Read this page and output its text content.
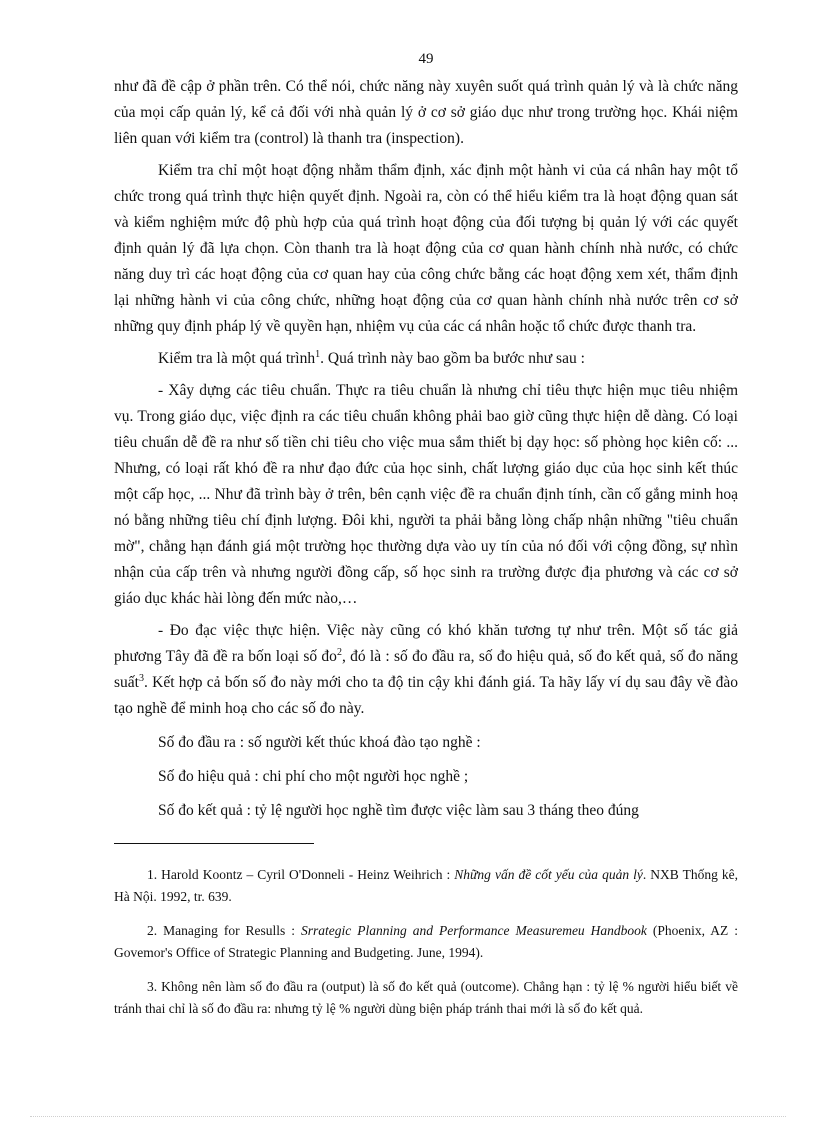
49

như đã đề cập ở phần trên. Có thể nói, chức năng này xuyên suốt quá trình quản lý và là chức năng của mọi cấp quản lý, kể cả đối với nhà quản lý ở cơ sở giáo dục như trong trường học. Khái niệm liên quan với kiểm tra (control) là thanh tra (inspection).

Kiểm tra chỉ một hoạt động nhằm thẩm định, xác định một hành vi của cá nhân hay một tổ chức trong quá trình thực hiện quyết định. Ngoài ra, còn có thể hiểu kiểm tra là hoạt động quan sát và kiểm nghiệm mức độ phù hợp của quá trình hoạt động của đối tượng bị quản lý với các quyết định quản lý đã lựa chọn. Còn thanh tra là hoạt động của cơ quan hành chính nhà nước, có chức năng duy trì các hoạt động của cơ quan hay của công chức bằng các hoạt động xem xét, thẩm định lại những hành vi của công chức, những hoạt động của cơ quan hành chính nhà nước trên cơ sở những quy định pháp lý về quyền hạn, nhiệm vụ của các cá nhân hoặc tổ chức được thanh tra.

Kiểm tra là một quá trình$^1$. Quá trình này bao gồm ba bước như sau :

- Xây dựng các tiêu chuẩn. Thực ra tiêu chuẩn là nhưng chỉ tiêu thực hiện mục tiêu nhiệm vụ. Trong giáo dục, việc định ra các tiêu chuẩn không phải bao giờ cũng thực hiện dễ dàng. Có loại tiêu chuẩn dễ đề ra như số tiền chi tiêu cho việc mua sắm thiết bị dạy học: số phòng học kiên cố: ... Nhưng, có loại rất khó đề ra như đạo đức của học sinh, chất lượng giáo dục của học sinh kết thúc một cấp học, ... Như đã trình bày ở trên, bên cạnh việc đề ra chuẩn định tính, cần cố gắng minh hoạ nó bằng những tiêu chí định lượng. Đôi khi, người ta phải bằng lòng chấp nhận những "tiêu chuẩn mờ", chẳng hạn đánh giá một trường học thường dựa vào uy tín của nó đối với cộng đồng, sự nhìn nhận của cấp trên và nhưng người đồng cấp, số học sinh ra trường được địa phương và các cơ sở giáo dục khác hài lòng đến mức nào,…

- Đo đạc việc thực hiện. Việc này cũng có khó khăn tương tự như trên. Một số tác giả phương Tây đã đề ra bốn loại số $đo^2$, đó là : số đo đầu ra, số đo hiệu quả, số đo kết quả, số đo năng suất$^3$. Kết hợp cả bốn số đo này mới cho ta độ tin cậy khi đánh giá. Ta hãy lấy ví dụ sau đây về đào tạo nghề để minh hoạ cho các số đo này.

Số đo đầu ra : số người kết thúc khoá đào tạo nghề :

Số đo hiệu quả : chi phí cho một người học nghề ;

Số đo kết quả : tỷ lệ người học nghề tìm được việc làm sau 3 tháng theo đúng

1. Harold Koontz – Cyril O'Donneli - Heinz Weihrich : Những vấn đề cốt yếu của quản lý. NXB Thống kê, Hà Nội. 1992, tr. 639.

2. Managing for Resulls : Srrategic Planning and Performance Measuremeu Handbook (Phoenix, AZ : Govemor's Office of Strategic Planning and Budgeting. June, 1994).

3. Không nên làm số đo đầu ra (output) là số đo kết quả (outcome). Chẳng hạn : tỷ lệ % người hiểu biết về tránh thai chỉ là số đo đầu ra: nhưng tỷ lệ % người dùng biện pháp tránh thai mới là số đo kết quả.
